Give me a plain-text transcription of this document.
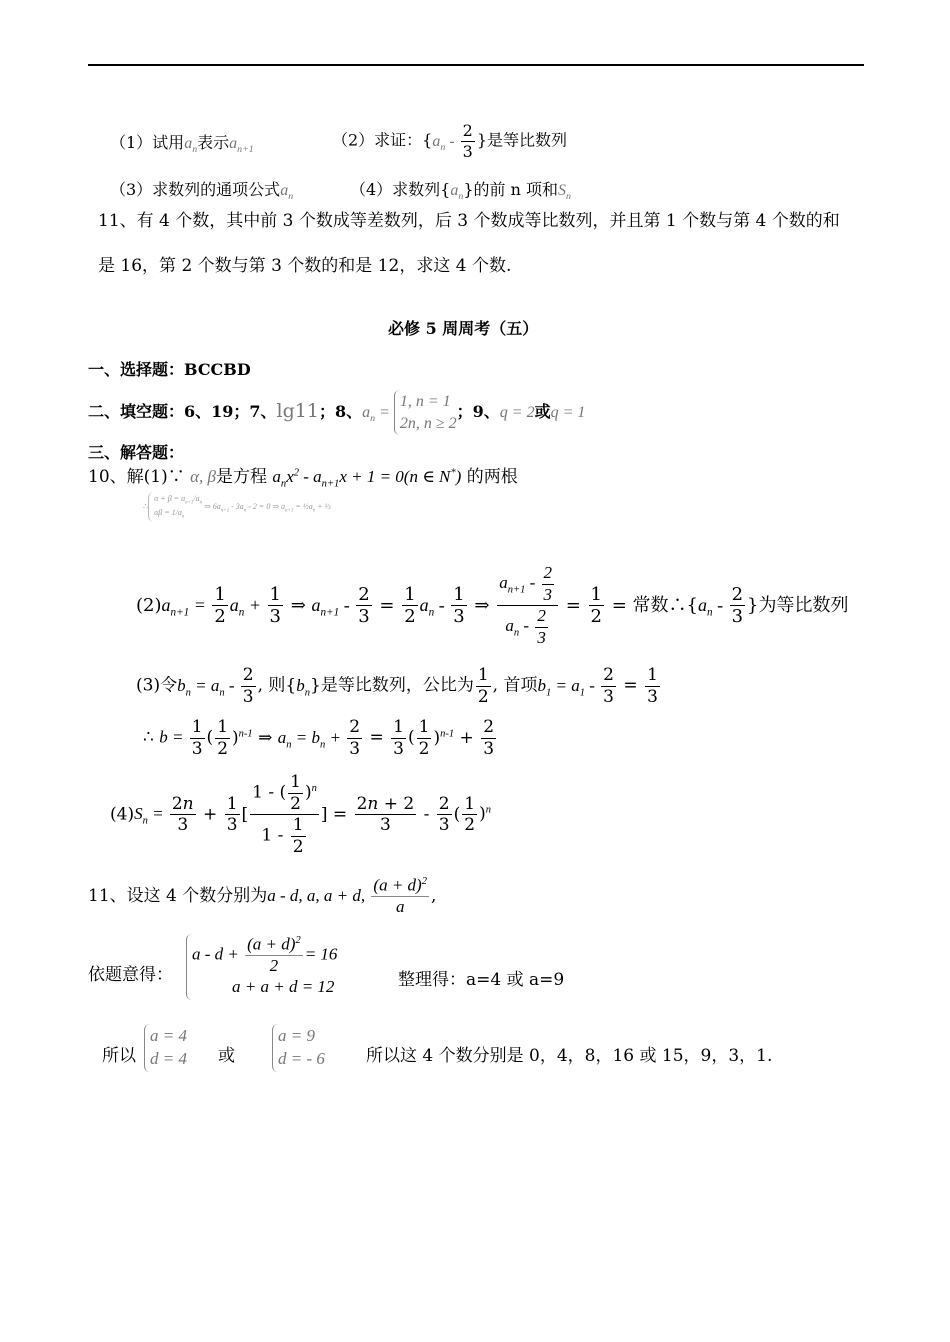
（1）试用$a_n$表示$a_{n+1}$
（2）求证：{$a_n - \frac{2}{3}$ }是等比数列
（3）求数列的通项公式$a_n$	（4）求数列$\{a_n\}$的前 n 项和$S_n$
11、有 4 个数，其中前 3 个数成等差数列，后 3 个数成等比数列，并且第 1 个数与第 4 个数的和
是 16，第 2 个数与第 3 个数的和是 12，求这 4 个数.
必修 5 周周考（五）
一、选择题：BCCBD
二、填空题：6、19；7、lg11；8、$a_n$ =
1, n = 1
2n, n ≥ 2
；9、q = 2或q = 1
三、解答题：
10、解(1)∵ α, β是方程 $a_nx^2 - a_{n+1}x + 1 = 0(n$ ∈ N*) 的两根
∴
$\alpha + \beta = a_{n+1}/a_n$
$\alpha\beta = 1/a_n$
⇒ $6a_{n+1} - 3a_n - 2 = 0$ ⇒ $a_{n+1}$ = $\frac{1}{2}a_n$ + ⅓
$(2)a_{n+1} = \frac{1}{2} a_n + \frac{1}{3}$ ⇒ $a_{n+1} - \frac{2}{3} = \frac{1}{2} a_n - \frac{1}{3}$ ⇒ $\frac{a_{n+1} - \frac{2}{3}}{a_n - \frac{2}{3}} = \frac{1}{2}$ = 常数$\therefore\{a_n - \frac{2}{3}$ }为等比数列
(3)令$b_n = a_n - \frac{2}{3}$ , 则$\{b_n\}$是等比数列，公比为 $\frac{1}{2}$ , 首项$b_1 = a_1 - \frac{2}{3} = \frac{1}{3}$
∴ $b = \frac{1}{3}$ ( $\frac{1}{2} )^{n-1}$ ⇒ $a_n = b_n + \frac{2}{3} = \frac{1}{3}$ ( $\frac{1}{2} )^{n-1} + \frac{2}{3}$
$(4)S_n = \frac{2n}{3} + \frac{1}{3}$ [ $\frac{1 - ( \frac{1}{2} )^n}{1 - \frac{1}{2}}$ ] = $\frac{2n + 2}{3} - \frac{2}{3}$ ( $\frac{1}{2} )^n$
11、设这 4 个数分别为a - d, a, a + d, $\frac{(a + d)^2}{a}$ ,
依题意得：
$a - d + \frac{(a + d)^2}{2} = 16$
a + a + d = 12	整理得：a=4 或 a=9
所以
a = 4
d = 4 或
a = 9
d = - 6 所以这 4 个数分别是 0，4，8，16 或 15，9，3，1.
